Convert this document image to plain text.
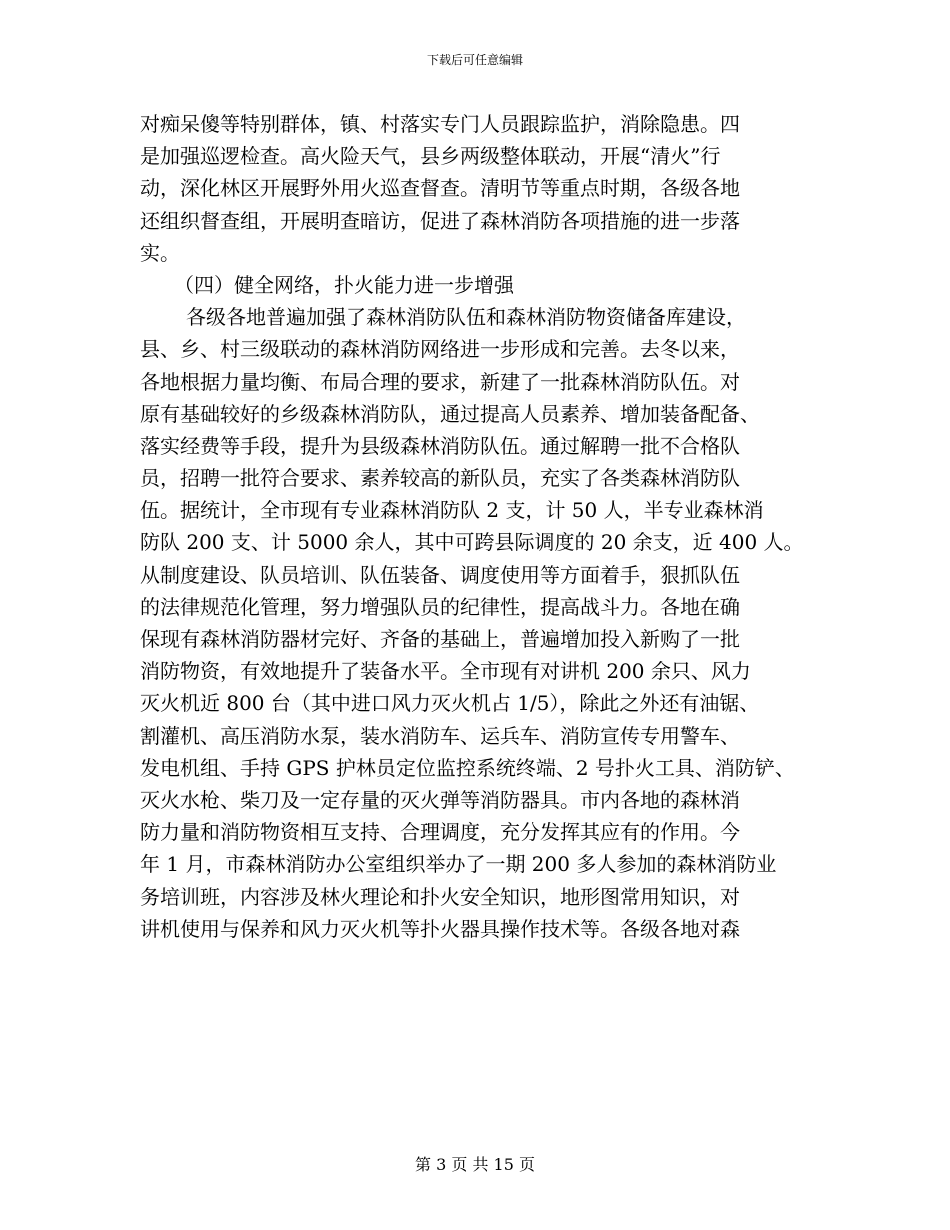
下载后可任意编辑

对痴呆傻等特别群体，镇、村落实专门人员跟踪监护，消除隐患。四

是加强巡逻检查。高火险天气，县乡两级整体联动，开展“清火”行

动，深化林区开展野外用火巡查督查。清明节等重点时期，各级各地

还组织督查组，开展明查暗访，促进了森林消防各项措施的进一步落

实。

（四）健全网络，扑火能力进一步增强

各级各地普遍加强了森林消防队伍和森林消防物资储备库建设，

县、乡、村三级联动的森林消防网络进一步形成和完善。去冬以来，

各地根据力量均衡、布局合理的要求，新建了一批森林消防队伍。对

原有基础较好的乡级森林消防队，通过提高人员素养、增加装备配备、

落实经费等手段，提升为县级森林消防队伍。通过解聘一批不合格队

员，招聘一批符合要求、素养较高的新队员，充实了各类森林消防队

伍。据统计，全市现有专业森林消防队 2 支，计 50 人，半专业森林消

防队 200 支、计 5000 余人，其中可跨县际调度的 20 余支，近 400 人。

从制度建设、队员培训、队伍装备、调度使用等方面着手，狠抓队伍

的法律规范化管理，努力增强队员的纪律性，提高战斗力。各地在确

保现有森林消防器材完好、齐备的基础上，普遍增加投入新购了一批

消防物资，有效地提升了装备水平。全市现有对讲机 200 余只、风力

灭火机近 800 台（其中进口风力灭火机占 1/5），除此之外还有油锯、

割灌机、高压消防水泵，装水消防车、运兵车、消防宣传专用警车、

发电机组、手持 GPS 护林员定位监控系统终端、2 号扑火工具、消防铲、

灭火水枪、柴刀及一定存量的灭火弹等消防器具。市内各地的森林消

防力量和消防物资相互支持、合理调度，充分发挥其应有的作用。今

年 1 月，市森林消防办公室组织举办了一期 200 多人参加的森林消防业

务培训班，内容涉及林火理论和扑火安全知识，地形图常用知识，对

讲机使用与保养和风力灭火机等扑火器具操作技术等。各级各地对森

第 3 页 共 15 页
